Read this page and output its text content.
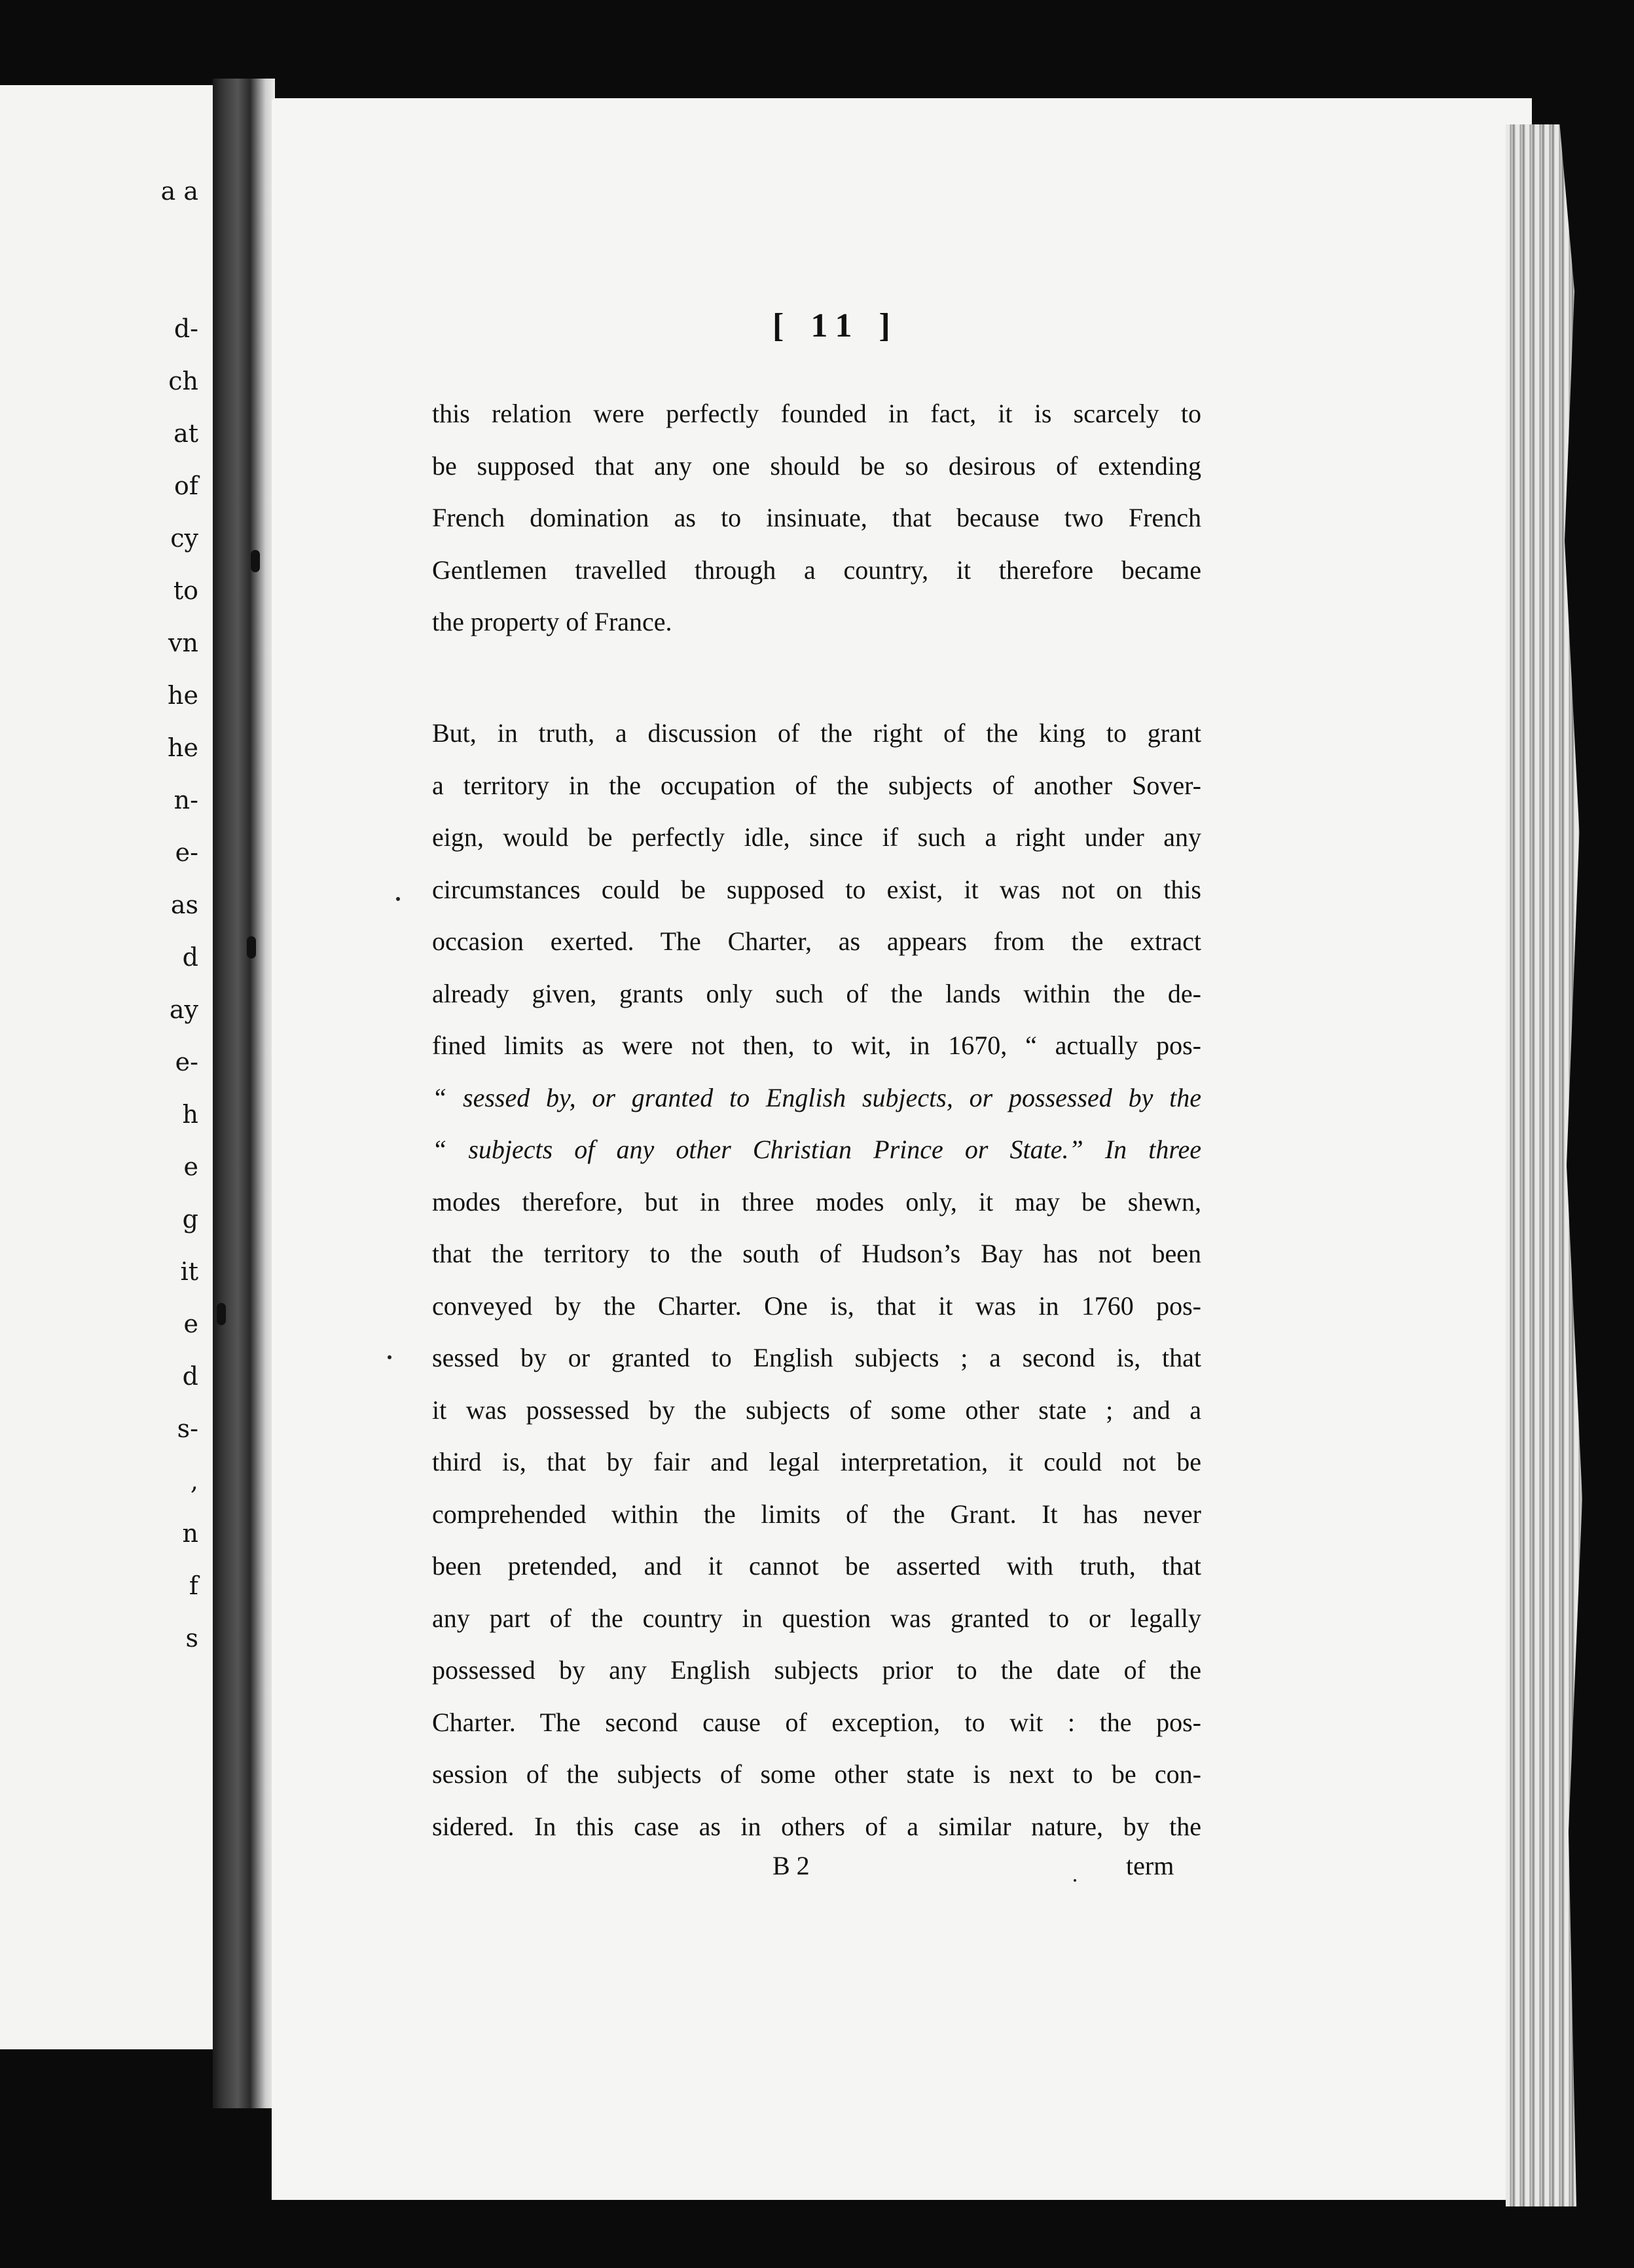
a a
d-
ch
at
of
cy
to
vn
he
he
n-
e-
as
d
ay
e-
h
e
g
it
e
d
s-
,
n
f
s
[ 11 ]
this relation were perfectly founded in fact, it is scarcely to
be supposed that any one should be so desirous of extending
French domination as to insinuate, that because two French
Gentlemen travelled through a country, it therefore became
the property of France.
But, in truth, a discussion of the right of the king to grant
a territory in the occupation of the subjects of another Sover-
eign, would be perfectly idle, since if such a right under any
circumstances could be supposed to exist, it was not on this
occasion exerted. The Charter, as appears from the extract
already given, grants only such of the lands within the de-
fined limits as were not then, to wit, in 1670, “ actually pos-
“ sessed by, or granted to English subjects, or possessed by the
“ subjects of any other Christian Prince or State.” In three
modes therefore, but in three modes only, it may be shewn,
that the territory to the south of Hudson’s Bay has not been
conveyed by the Charter. One is, that it was in 1760 pos-
sessed by or granted to English subjects ; a second is, that
it was possessed by the subjects of some other state ; and a
third is, that by fair and legal interpretation, it could not be
comprehended within the limits of the Grant. It has never
been pretended, and it cannot be asserted with truth, that
any part of the country in question was granted to or legally
possessed by any English subjects prior to the date of the
Charter. The second cause of exception, to wit : the pos-
session of the subjects of some other state is next to be con-
sidered. In this case as in others of a similar nature, by the
B 2	term
